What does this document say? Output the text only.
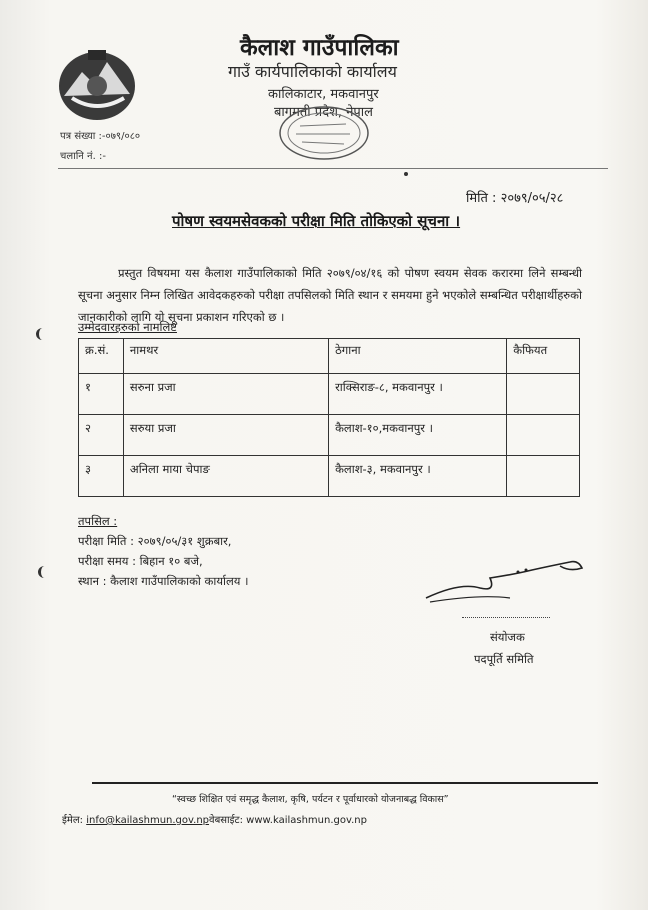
कैलाश गाउँपालिका
गाउँ कार्यपालिकाको कार्यालय
कालिकाटार, मकवानपुर
बागमती प्रदेश, नेपाल
पत्र संख्या :-०७९/०८०
चलानि नं. :-
मिति : २०७९/०५/२८
पोषण स्वयमसेवकको परीक्षा मिति तोकिएको सूचना ।
प्रस्तुत विषयमा यस कैलाश गाउँपालिकाको मिति २०७९/०४/१६ को पोषण स्वयम सेवक करारमा लिने सम्बन्धी सूचना अनुसार निम्न लिखित आवेदकहरुको परीक्षा तपसिलको मिति स्थान र समयमा हुने भएकोले सम्बन्धित परीक्षार्थीहरुको जानकारीको लागि यो सूचना प्रकाशन गरिएको छ ।
उम्मेदवारहरुको नामलिष्ट
क्र.सं.	नामथर	ठेगाना	कैफियत
१	सरुना प्रजा	राक्सिराङ-८, मकवानपुर ।	
२	सरुया प्रजा	कैलाश-१०,मकवानपुर ।	
३	अनिला माया चेपाङ	कैलाश-३, मकवानपुर ।	
तपसिल :
परीक्षा मिति : २०७९/०५/३१ शुक्रबार,
परीक्षा समय : बिहान १० बजे,
स्थान : कैलाश गाउँपालिकाको कार्यालय ।
संयोजक
पदपूर्ति समिति
“स्वच्छ शिक्षित एवं समृद्ध कैलाश, कृषि, पर्यटन र पूर्वाधारको योजनाबद्ध विकास”
ईमेल: info@kailashmun.gov.npवेबसाईट: www.kailashmun.gov.np
